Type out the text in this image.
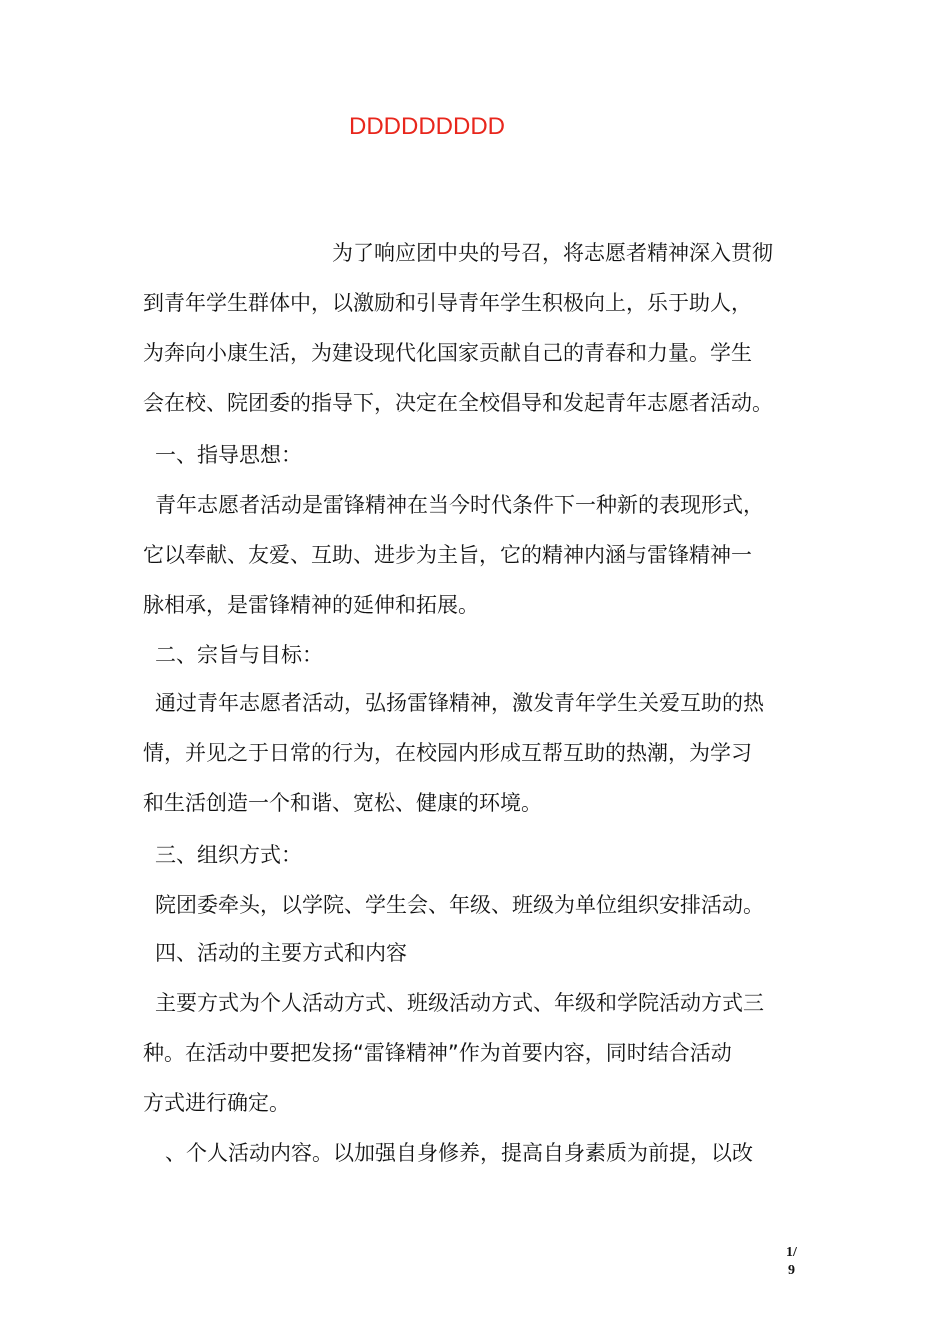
DDDDDDDDD
为了响应团中央的号召，将志愿者精神深入贯彻
到青年学生群体中，以激励和引导青年学生积极向上，乐于助人，
为奔向小康生活，为建设现代化国家贡献自己的青春和力量。学生
会在校、院团委的指导下，决定在全校倡导和发起青年志愿者活动。
一、指导思想：
青年志愿者活动是雷锋精神在当今时代条件下一种新的表现形式，
它以奉献、友爱、互助、进步为主旨，它的精神内涵与雷锋精神一
脉相承，是雷锋精神的延伸和拓展。
二、宗旨与目标：
通过青年志愿者活动，弘扬雷锋精神，激发青年学生关爱互助的热
情，并见之于日常的行为，在校园内形成互帮互助的热潮，为学习
和生活创造一个和谐、宽松、健康的环境。
三、组织方式：
院团委牵头，以学院、学生会、年级、班级为单位组织安排活动。
四、活动的主要方式和内容
主要方式为个人活动方式、班级活动方式、年级和学院活动方式三
种。在活动中要把发扬“雷锋精神”作为首要内容，同时结合活动
方式进行确定。
、个人活动内容。以加强自身修养，提高自身素质为前提，以改
1/
9
